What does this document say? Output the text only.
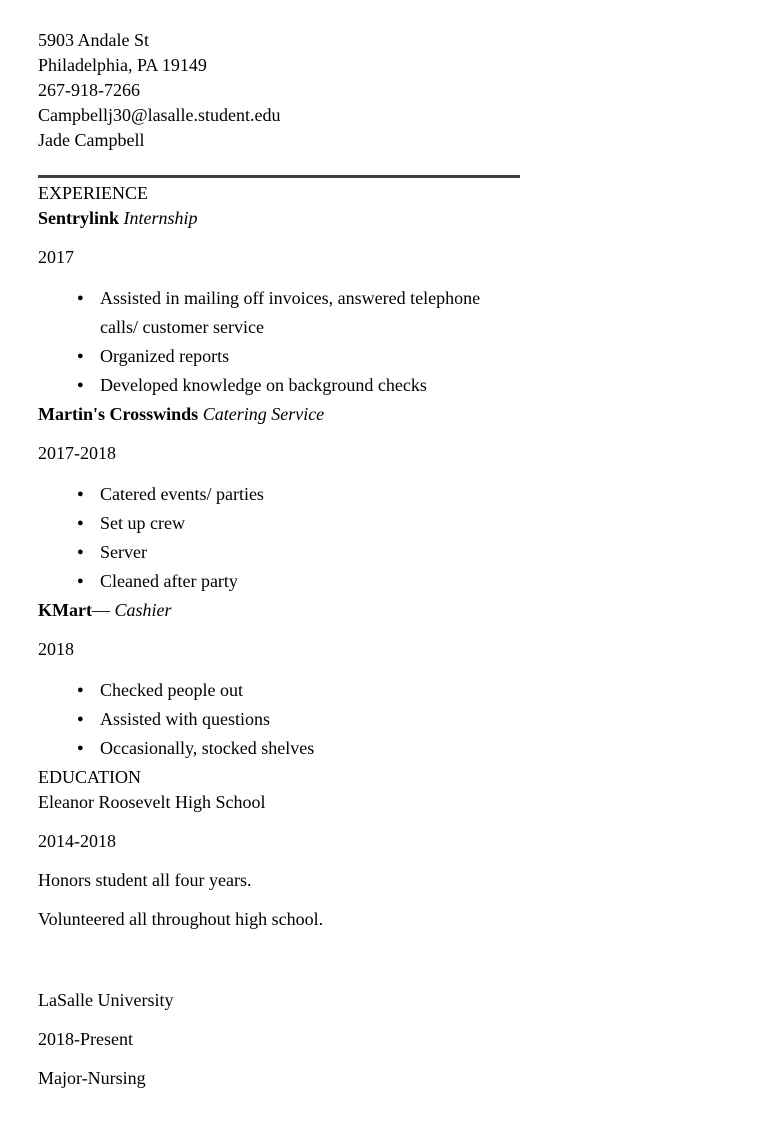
5903 Andale St
Philadelphia, PA 19149
267-918-7266
Campbellj30@lasalle.student.edu
Jade Campbell
EXPERIENCE
Sentrylink Internship
2017
● Assisted in mailing off invoices, answered telephone calls/ customer service
● Organized reports
● Developed knowledge on background checks
Martin's Crosswinds Catering Service
2017-2018
● Catered events/ parties
● Set up crew
● Server
● Cleaned after party
KMart— Cashier
2018
● Checked people out
● Assisted with questions
● Occasionally, stocked shelves
EDUCATION
Eleanor Roosevelt High School
2014-2018
Honors student all four years.
Volunteered all throughout high school.
LaSalle University
2018-Present
Major-Nursing
